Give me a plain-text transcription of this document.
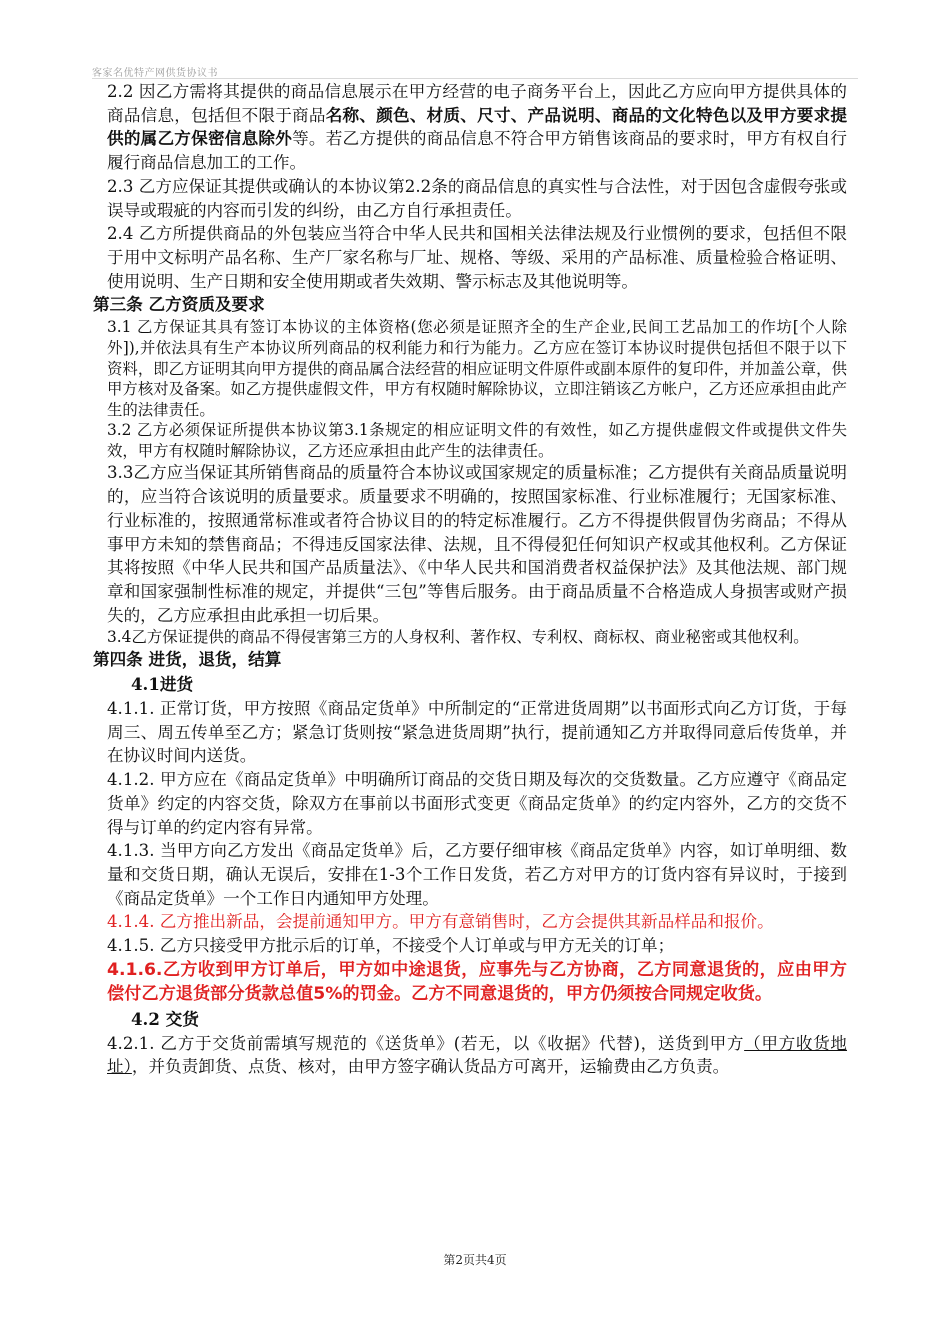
客家名优特产网供货协议书

2.2 因乙方需将其提供的商品信息展示在甲方经营的电子商务平台上，因此乙方应向甲方提供具体的商品信息，包括但不限于商品名称、颜色、材质、尺寸、产品说明、商品的文化特色以及甲方要求提供的属乙方保密信息除外等。若乙方提供的商品信息不符合甲方销售该商品的要求时，甲方有权自行履行商品信息加工的工作。

2.3 乙方应保证其提供或确认的本协议第2.2条的商品信息的真实性与合法性，对于因包含虚假夸张或误导或瑕疵的内容而引发的纠纷，由乙方自行承担责任。

2.4 乙方所提供商品的外包装应当符合中华人民共和国相关法律法规及行业惯例的要求，包括但不限于用中文标明产品名称、生产厂家名称与厂址、规格、等级、采用的产品标准、质量检验合格证明、使用说明、生产日期和安全使用期或者失效期、警示标志及其他说明等。

第三条 乙方资质及要求

3.1 乙方保证其具有签订本协议的主体资格(您必须是证照齐全的生产企业,民间工艺品加工的作坊[个人除外]),并依法具有生产本协议所列商品的权利能力和行为能力。乙方应在签订本协议时提供包括但不限于以下资料，即乙方证明其向甲方提供的商品属合法经营的相应证明文件原件或副本原件的复印件，并加盖公章，供甲方核对及备案。如乙方提供虚假文件，甲方有权随时解除协议，立即注销该乙方帐户，乙方还应承担由此产生的法律责任。

3.2 乙方必须保证所提供本协议第3.1条规定的相应证明文件的有效性，如乙方提供虚假文件或提供文件失效，甲方有权随时解除协议，乙方还应承担由此产生的法律责任。

3.3乙方应当保证其所销售商品的质量符合本协议或国家规定的质量标准；乙方提供有关商品质量说明的，应当符合该说明的质量要求。质量要求不明确的，按照国家标准、行业标准履行；无国家标准、行业标准的，按照通常标准或者符合协议目的的特定标准履行。乙方不得提供假冒伪劣商品；不得从事甲方未知的禁售商品；不得违反国家法律、法规，且不得侵犯任何知识产权或其他权利。乙方保证其将按照《中华人民共和国产品质量法》、《中华人民共和国消费者权益保护法》及其他法规、部门规章和国家强制性标准的规定，并提供“三包”等售后服务。由于商品质量不合格造成人身损害或财产损失的，乙方应承担由此承担一切后果。

3.4乙方保证提供的商品不得侵害第三方的人身权利、著作权、专利权、商标权、商业秘密或其他权利。

第四条 进货，退货，结算

4.1进货

4.1.1. 正常订货，甲方按照《商品定货单》中所制定的“正常进货周期”以书面形式向乙方订货，于每周三、周五传单至乙方；紧急订货则按“紧急进货周期”执行，提前通知乙方并取得同意后传货单，并在协议时间内送货。

4.1.2. 甲方应在《商品定货单》中明确所订商品的交货日期及每次的交货数量。乙方应遵守《商品定货单》约定的内容交货，除双方在事前以书面形式变更《商品定货单》的约定内容外，乙方的交货不得与订单的约定内容有异常。

4.1.3. 当甲方向乙方发出《商品定货单》后，乙方要仔细审核《商品定货单》内容，如订单明细、数量和交货日期，确认无误后，安排在1-3个工作日发货，若乙方对甲方的订货内容有异议时，于接到《商品定货单》一个工作日内通知甲方处理。

4.1.4. 乙方推出新品，会提前通知甲方。甲方有意销售时，乙方会提供其新品样品和报价。

4.1.5. 乙方只接受甲方批示后的订单，不接受个人订单或与甲方无关的订单；

4.1.6.乙方收到甲方订单后，甲方如中途退货，应事先与乙方协商，乙方同意退货的，应由甲方偿付乙方退货部分货款总值5%的罚金。乙方不同意退货的，甲方仍须按合同规定收货。

4.2 交货

4.2.1. 乙方于交货前需填写规范的《送货单》(若无，以《收据》代替)，送货到甲方（甲方收货地址），并负责卸货、点货、核对，由甲方签字确认货品方可离开，运输费由乙方负责。

第2页共4页
